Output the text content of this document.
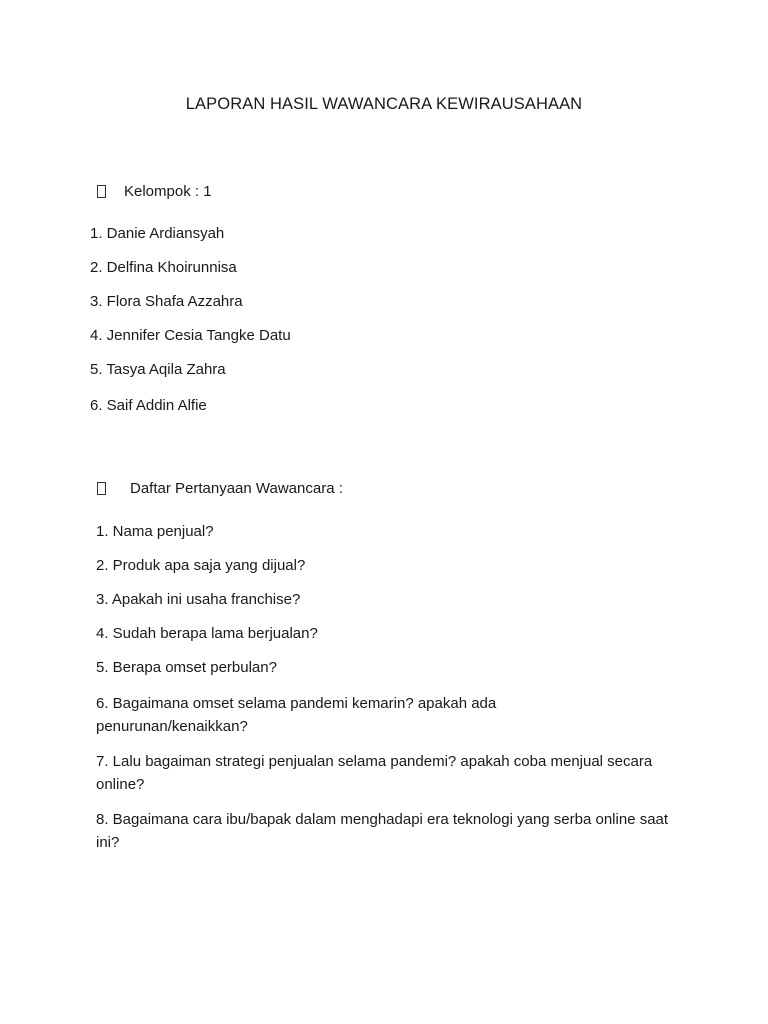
LAPORAN HASIL WAWANCARA KEWIRAUSAHAAN
Kelompok : 1
1. Danie Ardiansyah
2. Delfina Khoirunnisa
3. Flora Shafa Azzahra
4. Jennifer Cesia Tangke Datu
5. Tasya Aqila Zahra
6. Saif Addin Alfie
Daftar Pertanyaan Wawancara :
1. Nama penjual?
2. Produk apa saja yang dijual?
3. Apakah ini usaha franchise?
4. Sudah berapa lama berjualan?
5. Berapa omset perbulan?
6. Bagaimana omset selama pandemi kemarin? apakah ada penurunan/kenaikkan?
7. Lalu bagaiman strategi penjualan selama pandemi? apakah coba menjual secara online?
8. Bagaimana cara ibu/bapak dalam menghadapi era teknologi yang serba online saat ini?
